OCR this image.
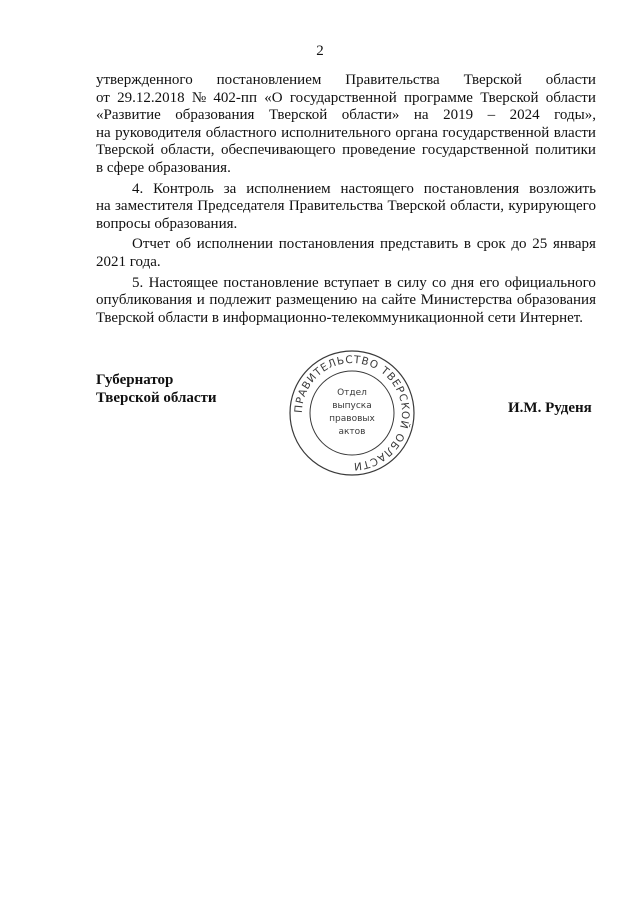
2
утвержденного постановлением Правительства Тверской области
от 29.12.2018 № 402-пп «О государственной программе Тверской области
«Развитие образования Тверской области» на 2019 – 2024 годы»,
на руководителя областного исполнительного органа государственной власти
Тверской области, обеспечивающего проведение государственной политики
в сфере образования.
4. Контроль за исполнением настоящего постановления возложить
на заместителя Председателя Правительства Тверской области, курирующего
вопросы образования.
Отчет об исполнении постановления представить в срок до 25 января
2021 года.
5. Настоящее постановление вступает в силу со дня его официального
опубликования и подлежит размещению на сайте Министерства образования
Тверской области в информационно-телекоммуникационной сети Интернет.
Губернатор
Тверской области
ПРАВИТЕЛЬСТВО ТВЕРСКОЙ ОБЛАСТИ
Отдел
выпуска
правовых
актов
И.М. Руденя
